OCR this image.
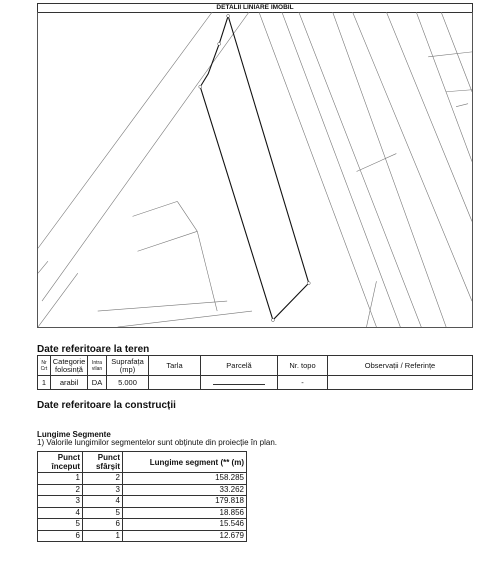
DETALII LINIARE IMOBIL
Date referitoare la teren
Nr Crt	Categorie folosință	Intra vilan	Suprafața (mp)	Tarla	Parcelă	Nr. topo	Observații / Referințe
1	arabil	DA	5.000			-	
Date referitoare la construcții
Lungime Segmente
1) Valorile lungimilor segmentelor sunt obținute din proiecție în plan.
Punct început	Punct sfârșit	Lungime segment (** (m)
1	2	158.285
2	3	33.262
3	4	179.818
4	5	18.856
5	6	15.546
6	1	12.679
